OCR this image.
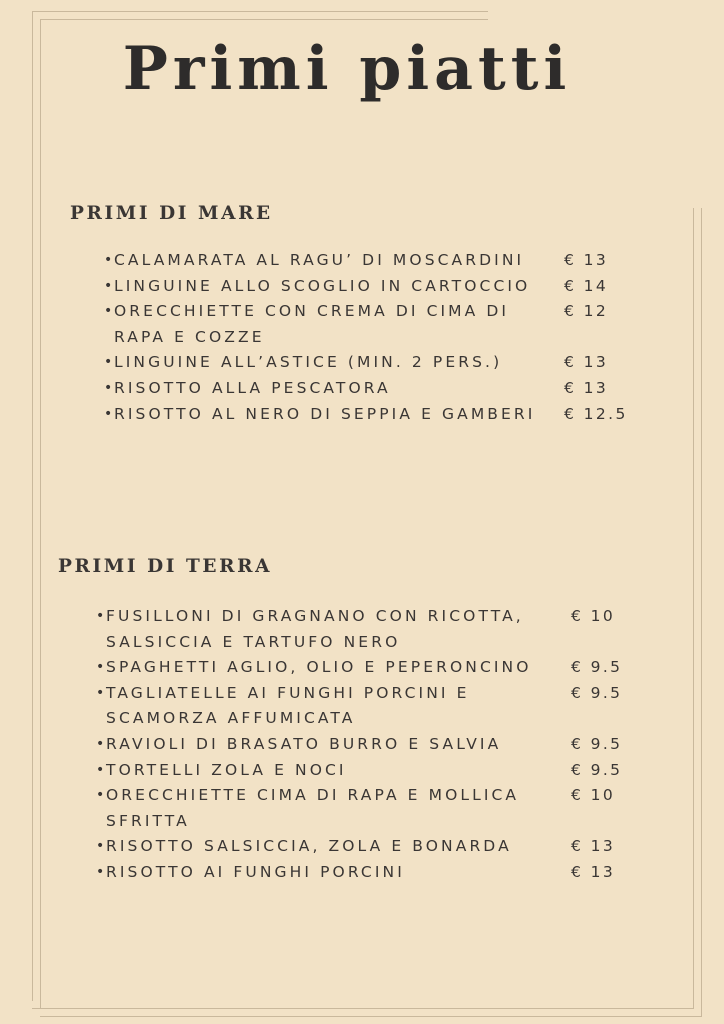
Primi piatti
PRIMI DI MARE
•
CALAMARATA AL RAGU’ DI MOSCARDINI	€ 13
•
LINGUINE ALLO SCOGLIO IN CARTOCCIO	€ 14
•
ORECCHIETTE CON CREMA DI CIMA DI RAPA E COZZE
€ 12
•
LINGUINE ALL’ASTICE (MIN. 2 PERS.)	€ 13
•
RISOTTO ALLA PESCATORA	€ 13
•
RISOTTO AL NERO DI SEPPIA E GAMBERI	€ 12.5
PRIMI DI TERRA
•
FUSILLONI DI GRAGNANO CON RICOTTA, SALSICCIA E TARTUFO NERO
€ 10
•
SPAGHETTI AGLIO, OLIO E PEPERONCINO	€ 9.5
•
TAGLIATELLE AI FUNGHI PORCINI E SCAMORZA AFFUMICATA
€ 9.5
•
RAVIOLI DI BRASATO BURRO E SALVIA	€ 9.5
•
TORTELLI ZOLA E NOCI	€ 9.5
•
ORECCHIETTE CIMA DI RAPA E MOLLICA SFRITTA
€ 10
•
RISOTTO SALSICCIA, ZOLA E BONARDA	€ 13
•
RISOTTO AI FUNGHI PORCINI	€ 13
